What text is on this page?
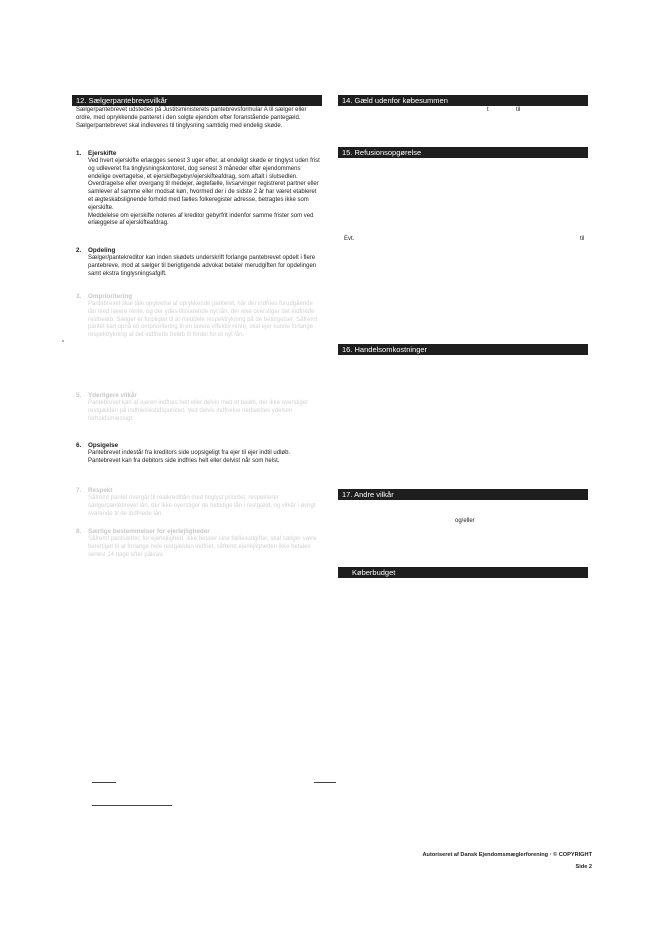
12. Sælgerpantebrevsvilkår
Sælgerpantebrevet udstedes på Justitsministerets pantebrevsformular A til sælger eller ordre, med oprykkende panteret i den solgte ejendom efter foranstående pantegæld. Sælgerpantebrevet skal indleveres til tinglysning samtidig med endelig skøde.
1. Ejerskifte
Ved hvert ejerskifte erlægges senest 3 uger efter, at endeligt skøde er tinglyst uden frist og udleveret fra tinglysningskontoret, dog senest 3 måneder efter ejendommens endelige overtagelse, et ejerskiftegebyr/ejerskifteafdrag, som aftalt i slutsedlen. Overdragelse eller overgang til medejer, ægtefælle, livsarvinger registreret partner eller samlever af samme eller modsat køn, hvormed der i de sidste 2 år har været etableret et ægteskabslignende forhold med fælles folkeregister adresse, betragtes ikke som ejerskifte.
Meddelelse om ejerskifte noteres af kreditor gebyrfrit indenfor samme frister som ved erlæggelse af ejerskifteafdrag.
2. Opdeling
Sælger/pantekreditor kan inden skødets underskrift forlange pantebrevet opdelt i flere pantebreve, mod at sælger til berigtigende advokat betaler merudgiften for opdelingen samt ekstra tinglysningsafgift.
3. Omprioritering
Pantebrevet skal tåle opgivelse af oprykkende panteret, når der indfries forudgående lån med lavere rente, og der ydes tilsvarende nyt lån, der ikke overstiger det indfriede restbeløb. Sælger er forpligtet til at meddele respektrykning på de betingelser. Såfremt pantet kan opnå en omprioritering til en lavere effektiv rente, skal ejer kunne forlange respektrykning af det indfriede beløb til fordel for et nyt lån.
5. Yderligere vilkår
Pantebrevet kan af ejeren indfries helt eller delvis med et beløb, der ikke overstiger restgælden på indfrielsestidspunktet. Ved delvis indfrielse nedsættes ydelsen forholdsmæssigt.
6. Opsigelse
Pantebrevet indestår fra kreditors side uopsigeligt fra ejer til ejer indtil udløb.
Pantebrevet kan fra debitors side indfries helt eller delvist når som helst.
7. Respekt
Såfremt pantet overgår til realkreditlån med tinglyst prioritet, respekterer sælgerpantebrevet lån, der ikke overstiger de hidtidige lån i restgæld, og vilkår i øvrigt svarende til de indfriede lån.
8. Særlige bestemmelser for ejerlejligheder
Såfremt pantsætter, for ejerlejlighed, ikke betaler sine fællesudgifter, skal sælger være berettiget til at forlange hele restgælden indfriet, såfremt ejerlejligheden ikke betales senest 14 dage efter påkrav.
14. Gæld udenfor købesummen
t	til
15. Refusionsopgørelse
Evt.	til
16. Handelsomkostninger
17. Andre vilkår
og/eller
Køberbudget
Autoriseret af Dansk Ejendomsmæglerforening · © COPYRIGHT
Side 2
